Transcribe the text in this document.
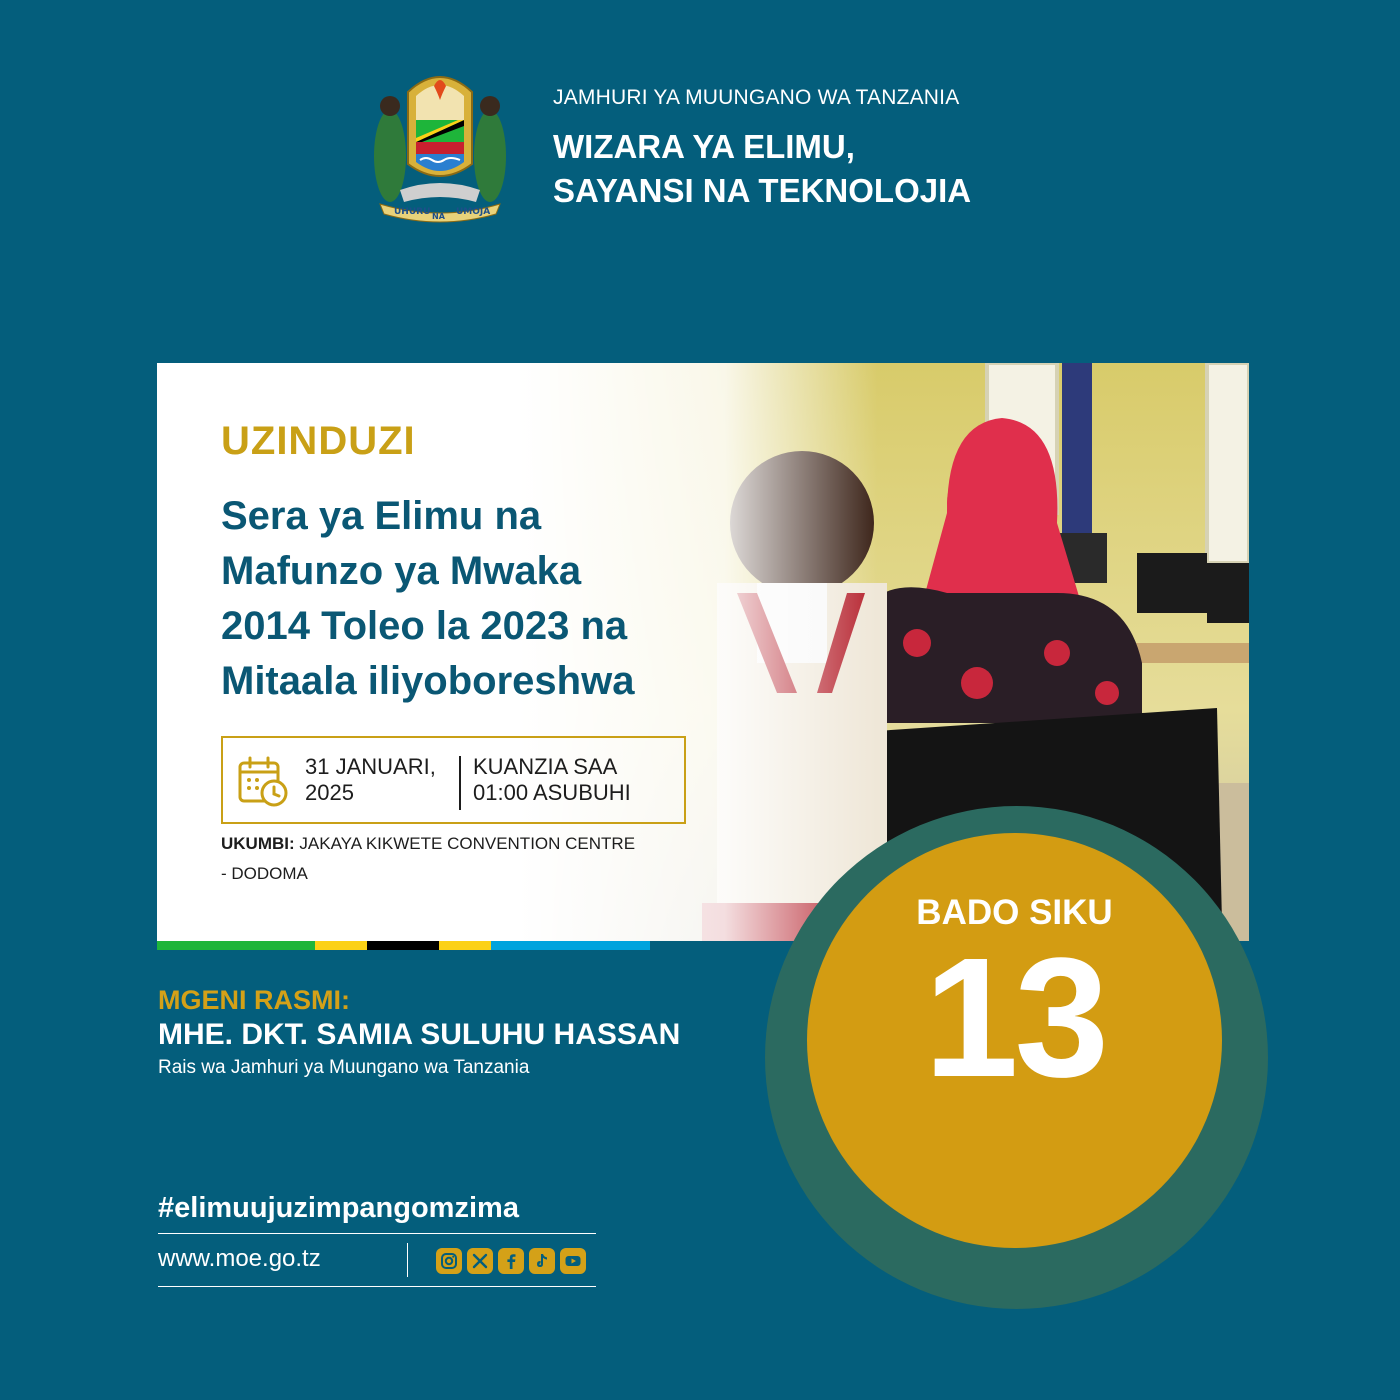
UHURU NA UMOJA
JAMHURI YA MUUNGANO WA TANZANIA
WIZARA YA ELIMU,
SAYANSI NA TEKNOLOJIA
UZINDUZI
Sera ya Elimu na
Mafunzo ya Mwaka
2014 Toleo la 2023 na
Mitaala iliyoboreshwa
31 JANUARI,
2025
KUANZIA SAA
01:00 ASUBUHI
UKUMBI: JAKAYA KIKWETE CONVENTION CENTRE
- DODOMA
BADO SIKU
13
MGENI RASMI:
MHE. DKT. SAMIA SULUHU HASSAN
Rais wa Jamhuri ya Muungano wa Tanzania
#elimuujuzimpangomzima
www.moe.go.tz
